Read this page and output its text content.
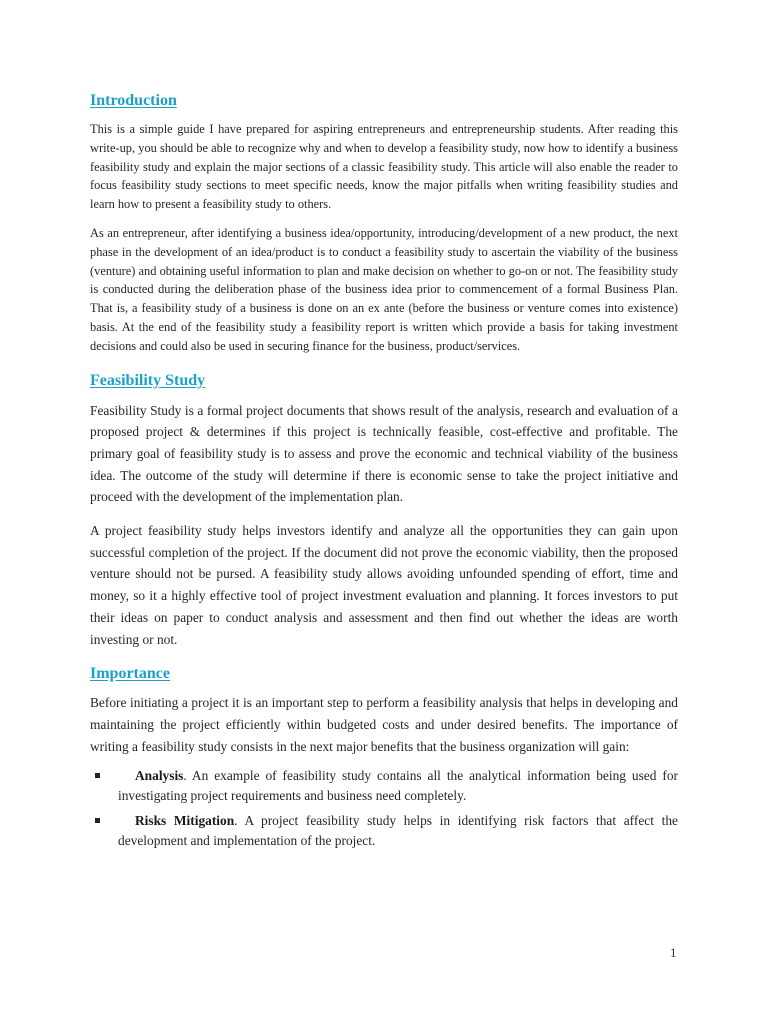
Introduction

This is a simple guide I have prepared for aspiring entrepreneurs and entrepreneurship students. After reading this write-up, you should be able to recognize why and when to develop a feasibility study, now how to identify a business feasibility study and explain the major sections of a classic feasibility study. This article will also enable the reader to focus feasibility study sections to meet specific needs, know the major pitfalls when writing feasibility studies and learn how to present a feasibility study to others.

As an entrepreneur, after identifying a business idea/opportunity, introducing/development of a new product, the next phase in the development of an idea/product is to conduct a feasibility study to ascertain the viability of the business (venture) and obtaining useful information to plan and make decision on whether to go-on or not. The feasibility study is conducted during the deliberation phase of the business idea prior to commencement of a formal Business Plan. That is, a feasibility study of a business is done on an ex ante (before the business or venture comes into existence) basis. At the end of the feasibility study a feasibility report is written which provide a basis for taking investment decisions and could also be used in securing finance for the business, product/services.

Feasibility Study

Feasibility Study is a formal project documents that shows result of the analysis, research and evaluation of a proposed project & determines if this project is technically feasible, cost-effective and profitable. The primary goal of feasibility study is to assess and prove the economic and technical viability of the business idea. The outcome of the study will determine if there is economic sense to take the project initiative and proceed with the development of the implementation plan.

A project feasibility study helps investors identify and analyze all the opportunities they can gain upon successful completion of the project. If the document did not prove the economic viability, then the proposed venture should not be pursed. A feasibility study allows avoiding unfounded spending of effort, time and money, so it a highly effective tool of project investment evaluation and planning. It forces investors to put their ideas on paper to conduct analysis and assessment and then find out whether the ideas are worth investing or not.

Importance

Before initiating a project it is an important step to perform a feasibility analysis that helps in developing and maintaining the project efficiently within budgeted costs and under desired benefits. The importance of writing a feasibility study consists in the next major benefits that the business organization will gain:

Analysis. An example of feasibility study contains all the analytical information being used for investigating project requirements and business need completely.
Risks Mitigation. A project feasibility study helps in identifying risk factors that affect the development and implementation of the project.
1
